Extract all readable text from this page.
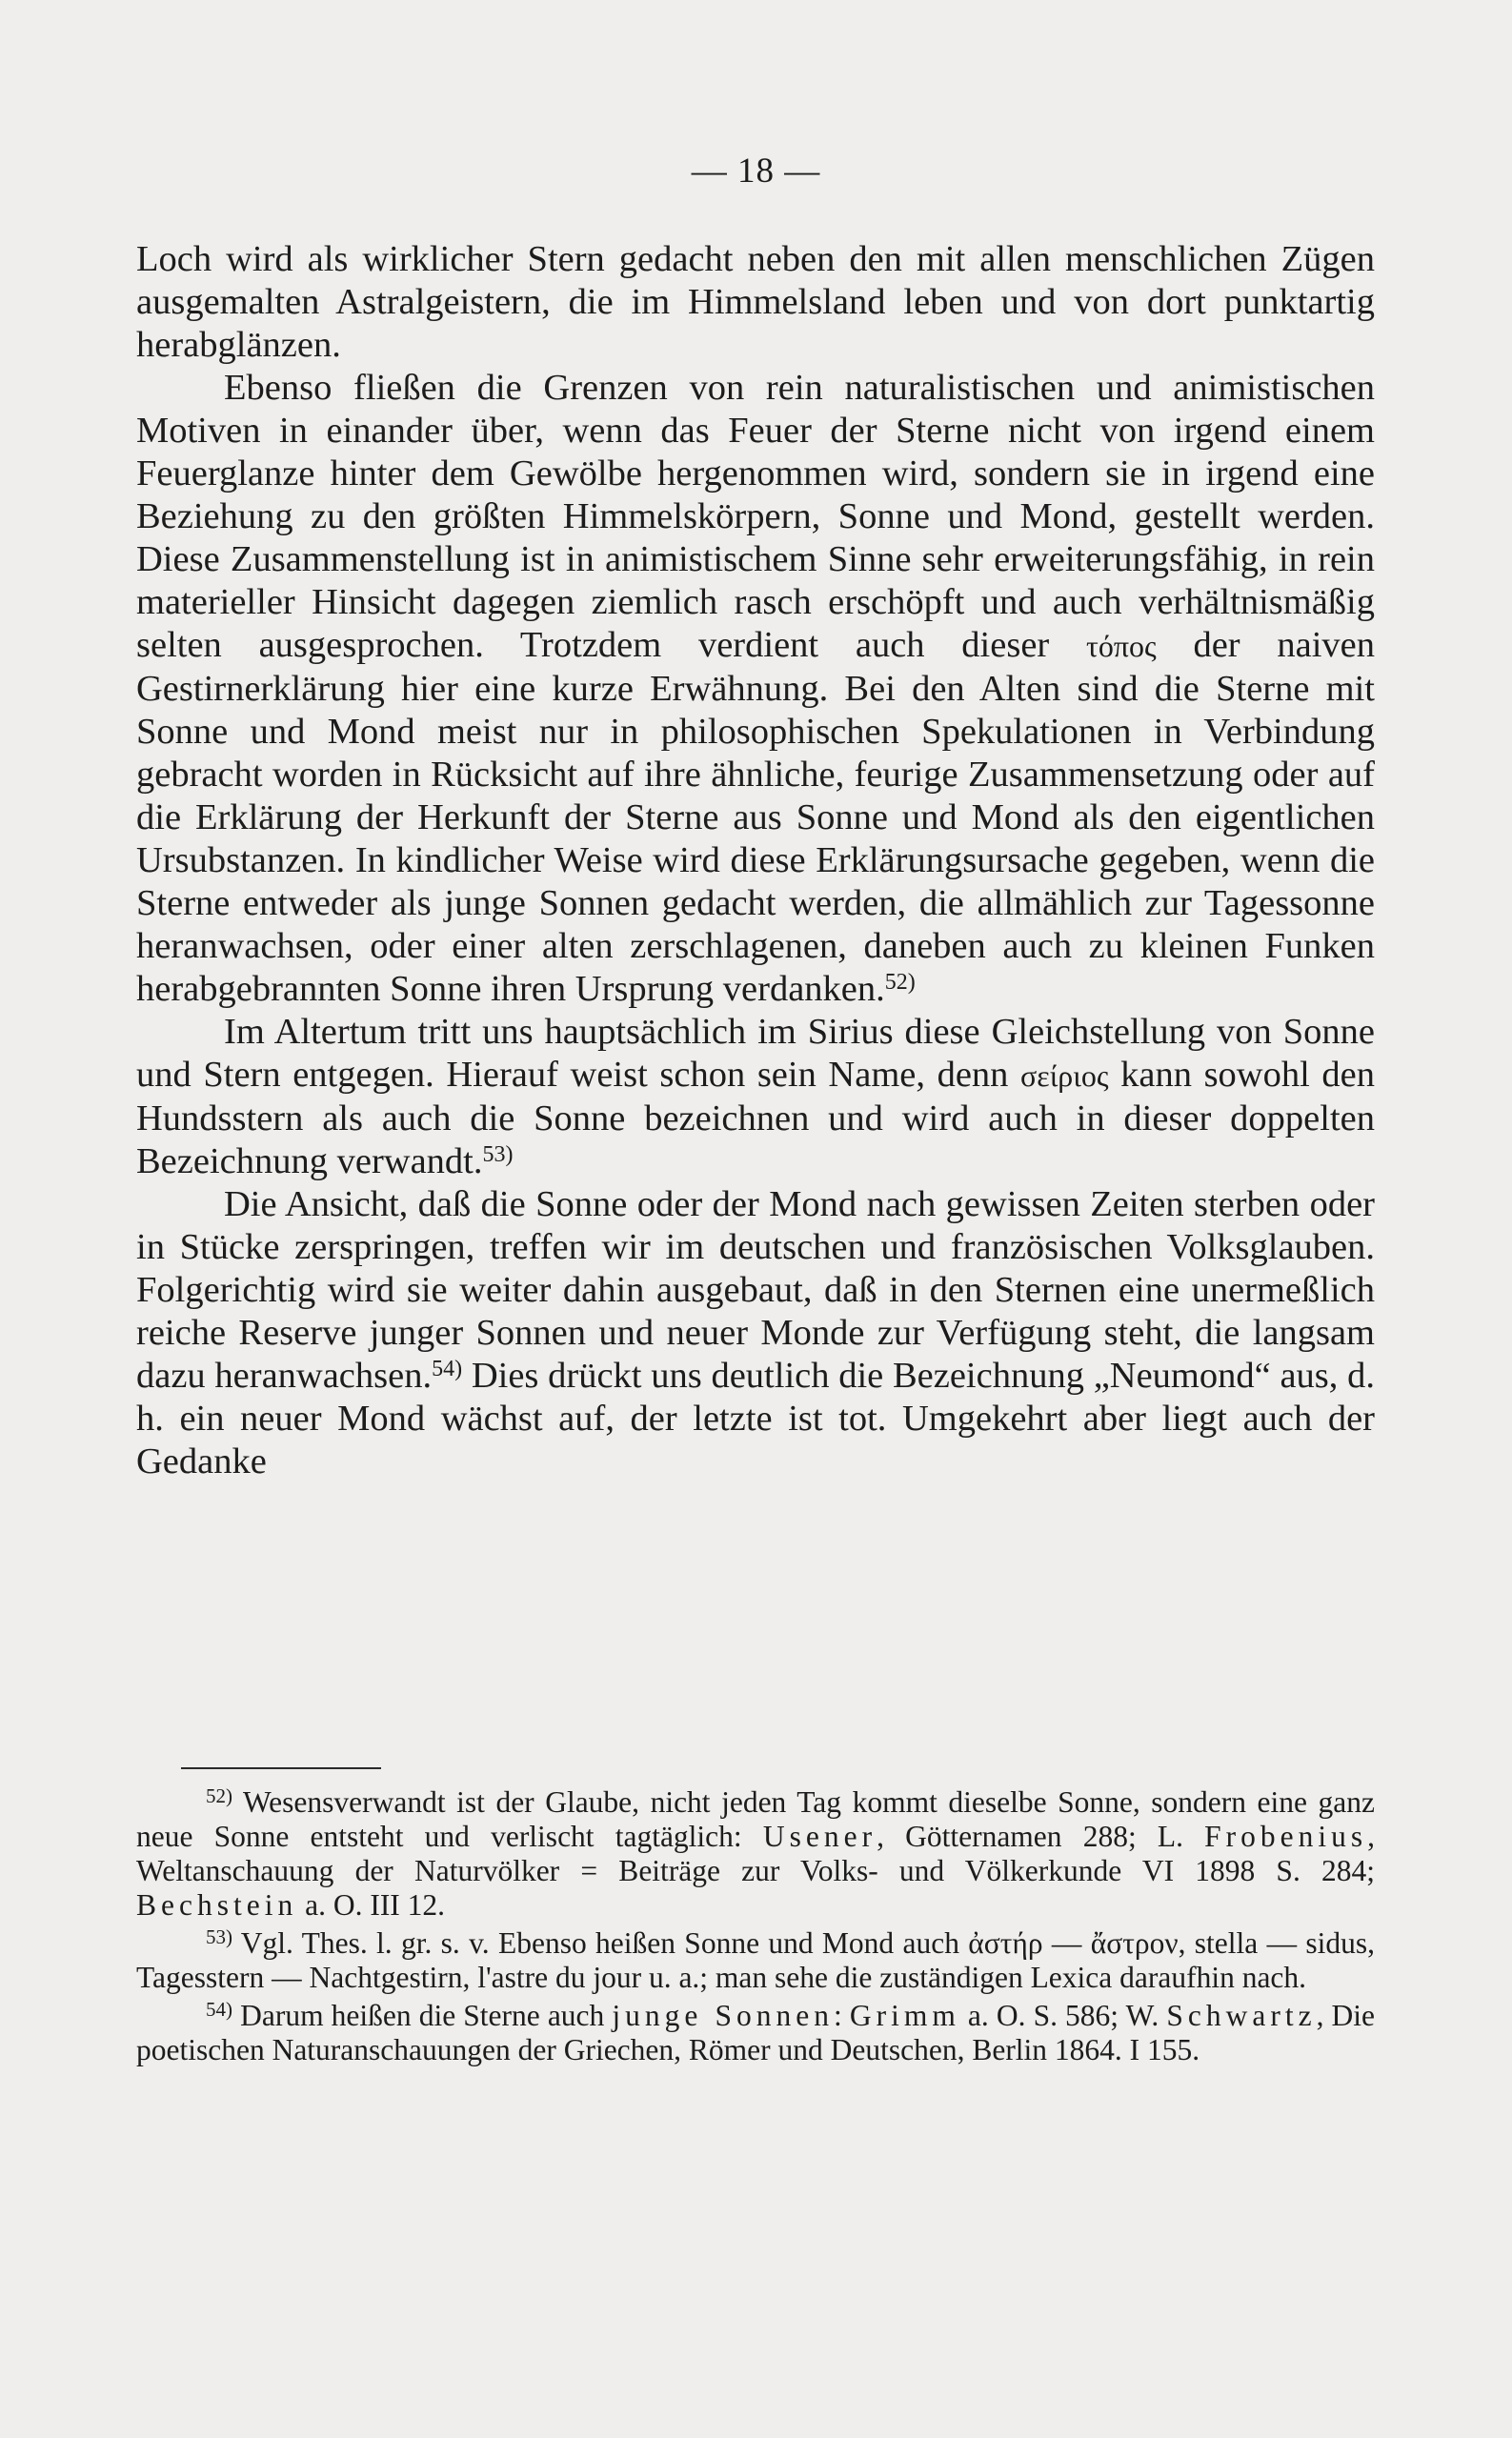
— 18 —

Loch wird als wirklicher Stern gedacht neben den mit allen menschlichen Zügen ausgemalten Astralgeistern, die im Himmelsland leben und von dort punktartig herabglänzen.

Ebenso fließen die Grenzen von rein naturalistischen und animistischen Motiven in einander über, wenn das Feuer der Sterne nicht von irgend einem Feuerglanze hinter dem Gewölbe hergenommen wird, sondern sie in irgend eine Beziehung zu den größten Himmelskörpern, Sonne und Mond, gestellt werden. Diese Zusammenstellung ist in animistischem Sinne sehr erweiterungsfähig, in rein materieller Hinsicht dagegen ziemlich rasch erschöpft und auch verhältnismäßig selten ausgesprochen. Trotzdem verdient auch dieser τόπος der naiven Gestirnerklärung hier eine kurze Erwähnung. Bei den Alten sind die Sterne mit Sonne und Mond meist nur in philosophischen Spekulationen in Verbindung gebracht worden in Rücksicht auf ihre ähnliche, feurige Zusammensetzung oder auf die Erklärung der Herkunft der Sterne aus Sonne und Mond als den eigentlichen Ursubstanzen. In kindlicher Weise wird diese Erklärungsursache gegeben, wenn die Sterne entweder als junge Sonnen gedacht werden, die allmählich zur Tagessonne heranwachsen, oder einer alten zerschlagenen, daneben auch zu kleinen Funken herabgebrannten Sonne ihren Ursprung verdanken.$^{52)}$

Im Altertum tritt uns hauptsächlich im Sirius diese Gleichstellung von Sonne und Stern entgegen. Hierauf weist schon sein Name, denn σείριος kann sowohl den Hundsstern als auch die Sonne bezeichnen und wird auch in dieser doppelten Bezeichnung verwandt.$^{53)}$

Die Ansicht, daß die Sonne oder der Mond nach gewissen Zeiten sterben oder in Stücke zerspringen, treffen wir im deutschen und französischen Volksglauben. Folgerichtig wird sie weiter dahin ausgebaut, daß in den Sternen eine unermeßlich reiche Reserve junger Sonnen und neuer Monde zur Verfügung steht, die langsam dazu heranwachsen.$^{54)}$ Dies drückt uns deutlich die Bezeichnung „Neumond“ aus, d. h. ein neuer Mond wächst auf, der letzte ist tot. Umgekehrt aber liegt auch der Gedanke

$^{52)}$ Wesensverwandt ist der Glaube, nicht jeden Tag kommt dieselbe Sonne, sondern eine ganz neue Sonne entsteht und verlischt tagtäglich: Usener, Götternamen 288; L. Frobenius, Weltanschauung der Naturvölker = Beiträge zur Volks- und Völkerkunde VI 1898 S. 284; Bechstein a. O. III 12.

$^{53)}$ Vgl. Thes. l. gr. s. v. Ebenso heißen Sonne und Mond auch ἀστήρ — ἄστρον, stella — sidus, Tagesstern — Nachtgestirn, l'astre du jour u. a.; man sehe die zuständigen Lexica daraufhin nach.

$^{54)}$ Darum heißen die Sterne auch junge Sonnen: Grimm a. O. S. 586; W. Schwartz, Die poetischen Naturanschauungen der Griechen, Römer und Deutschen, Berlin 1864. I 155.
